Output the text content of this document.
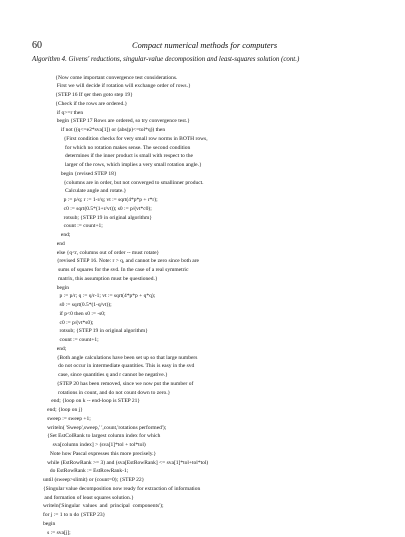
60	Compact numerical methods for computers
Algorithm 4. Givens' reductions, singular-value decomposition and least-squares solution (cont.)
{Now come important convergence test considerations.
First we will decide if rotation will exchange order of rows.}
{STEP 16 If qer then goto step 19}
{Check if the rows are ordered.}
if q>=r then
begin {STEP 17 Rows are ordered, so try convergence test.}
if not ((q<=e2*sva[1]) or (abs(p)<=tol*q)) then
{First condition checks for very small row norms in BOTH rows,
for which no rotation makes sense. The second condition
determines if the inner product is small with respect to the
larger of the rows, which implies a very small rotation angle.}
begin {revised STEP 18}
{columns are in order, but not converged to smallinner product.
Calculate angle and rotate.}
p := p/q; r := 1-r/q; vt := sqrt(4*p*p + r*r);
c0 := sqrt(0.5*(1+r/vt)); s0 := p/(vt*c0);
rotsub; {STEP 19 in original algorithm}
count := count+1;
end;
end
else {q<r, columns out of order -- must rotate}
{revised STEP 16. Note: r > q, and cannot be zero since both are
sums of squares for the svd. In the case of a real symmetric
matrix, this assumption must be questioned.}
begin
p := p/r; q := q/r-1; vt := sqrt(4*p*p + q*q);
s0 := sqrt(0.5*(1-q/vt));
if p<0 then s0 := -s0;
c0 := p/(vt*s0);
rotsub; {STEP 19 in original algorithm}
count := count+1;
end;
{Both angle calculations have been set up so that large numbers
do not occur in intermediate quantities. This is easy in the svd
case, since quantities q and r cannot be negative.}
{STEP 20 has been removed, since we now put the number of
rotations in count, and do not count down to zero.}
end; {loop on k -- end-loop is STEP 21}
end; {loop on j}
sweep := sweep +1;
writeln( 'Sweep',sweep,' ',count,'rotations performed');
{Set EstColRank to largest column index for which
sva[column index] > (sva[1]*tol + tol*tol)
Note how Pascal expresses this more precisely.}
while (EstRowRank >= 3) and (sva[EstRowRank] <= sva[1]*tol+tol*tol)
do EstRowRank := EstRowRank-1;
until (sweep>slimit) or (count=0); {STEP 22}
{Singular value decomposition now ready for extraction of information
and formation of least squares solution.}
writeln('Singular  values  and  principal  components');
for j := 1 to n do {STEP 23}
begin
s := sva[j];
